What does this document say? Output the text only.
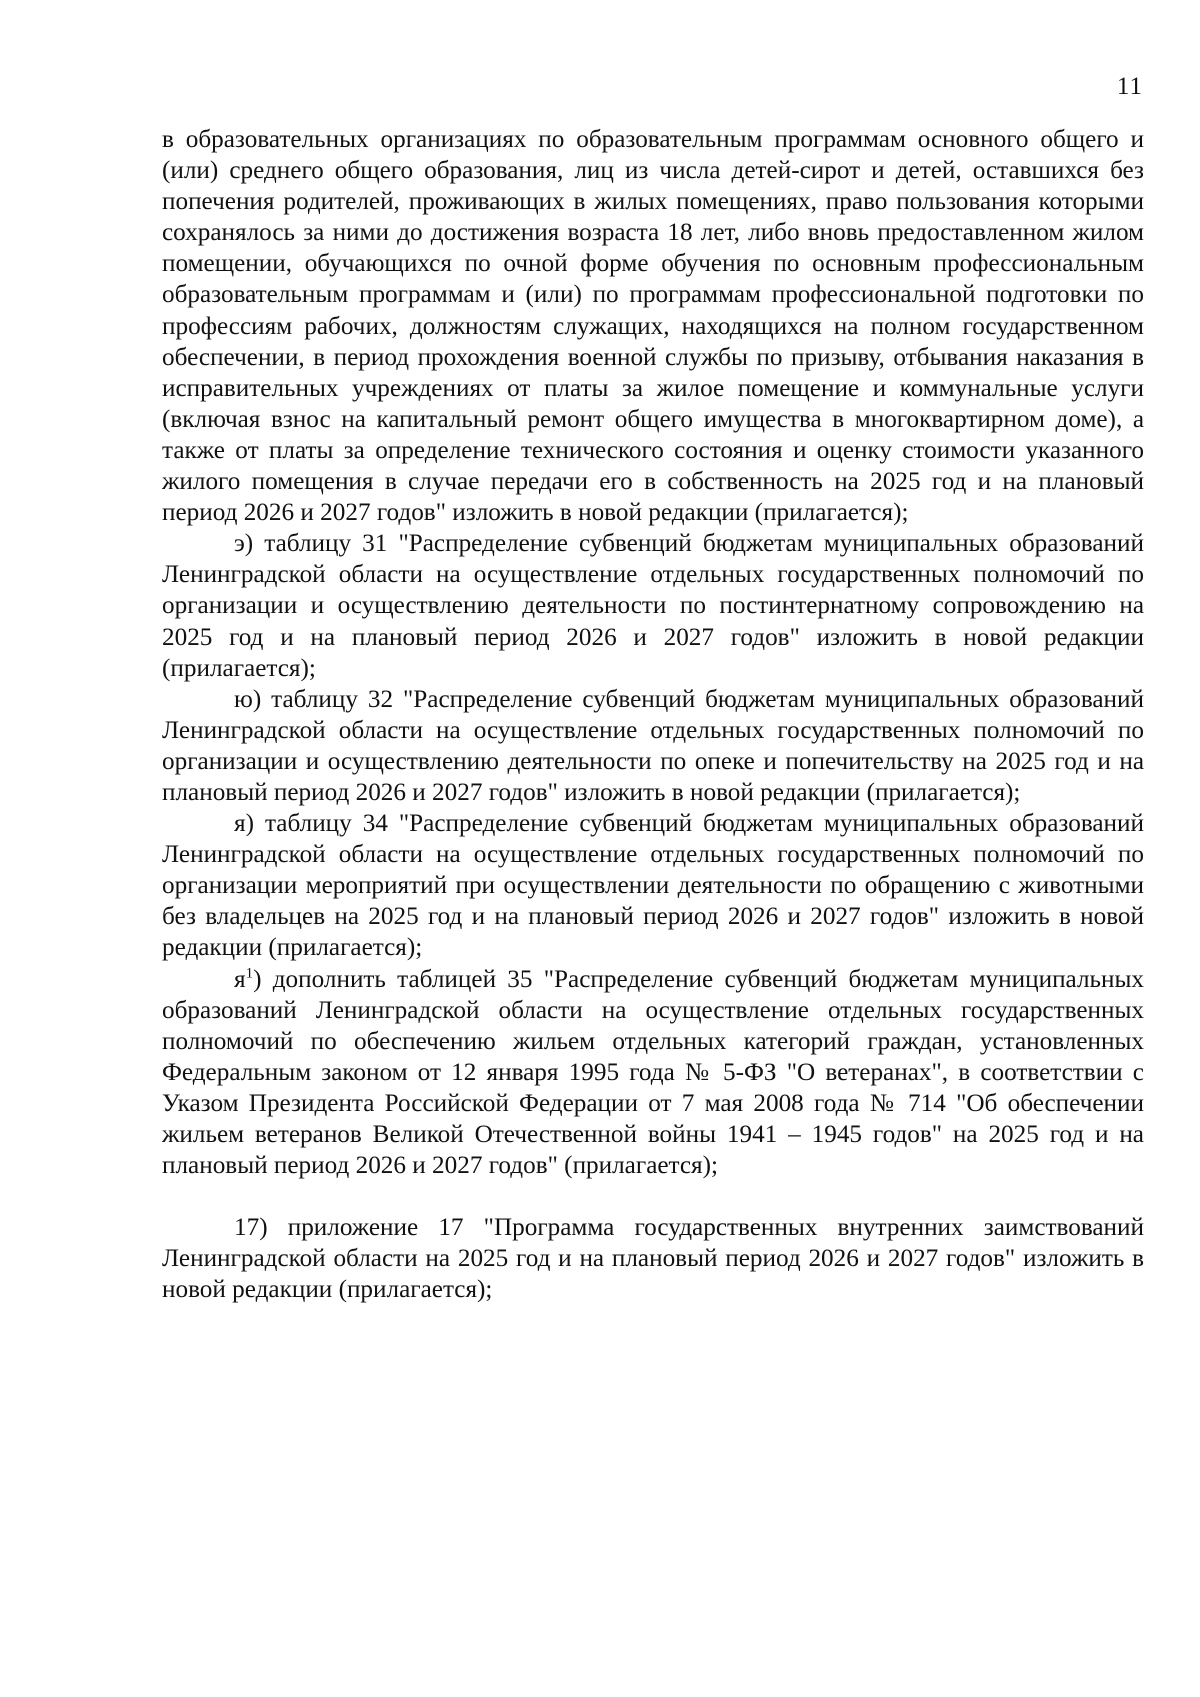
11

в образовательных организациях по образовательным программам основного общего и (или) среднего общего образования, лиц из числа детей-сирот и детей, оставшихся без попечения родителей, проживающих в жилых помещениях, право пользования которыми сохранялось за ними до достижения возраста 18 лет, либо вновь предоставленном жилом помещении, обучающихся по очной форме обучения по основным профессиональным образовательным программам и (или) по программам профессиональной подготовки по профессиям рабочих, должностям служащих, находящихся на полном государственном обеспечении, в период прохождения военной службы по призыву, отбывания наказания в исправительных учреждениях от платы за жилое помещение и коммунальные услуги (включая взнос на капитальный ремонт общего имущества в многоквартирном доме), а также от платы за определение технического состояния и оценку стоимости указанного жилого помещения в случае передачи его в собственность на 2025 год и на плановый период 2026 и 2027 годов" изложить в новой редакции (прилагается);

э) таблицу 31 "Распределение субвенций бюджетам муниципальных образований Ленинградской области на осуществление отдельных государственных полномочий по организации и осуществлению деятельности по постинтернатному сопровождению на 2025 год и на плановый период 2026 и 2027 годов" изложить в новой редакции (прилагается);

ю) таблицу 32 "Распределение субвенций бюджетам муниципальных образований Ленинградской области на осуществление отдельных государственных полномочий по организации и осуществлению деятельности по опеке и попечительству на 2025 год и на плановый период 2026 и 2027 годов" изложить в новой редакции (прилагается);

я) таблицу 34 "Распределение субвенций бюджетам муниципальных образований Ленинградской области на осуществление отдельных государственных полномочий по организации мероприятий при осуществлении деятельности по обращению с животными без владельцев на 2025 год и на плановый период 2026 и 2027 годов" изложить в новой редакции (прилагается);

$я^1$) дополнить таблицей 35 "Распределение субвенций бюджетам муниципальных образований Ленинградской области на осуществление отдельных государственных полномочий по обеспечению жильем отдельных категорий граждан, установленных Федеральным законом от 12 января 1995 года № 5-ФЗ "О ветеранах", в соответствии с Указом Президента Российской Федерации от 7 мая 2008 года № 714 "Об обеспечении жильем ветеранов Великой Отечественной войны 1941 – 1945 годов" на 2025 год и на плановый период 2026 и 2027 годов" (прилагается);

17) приложение 17 "Программа государственных внутренних заимствований Ленинградской области на 2025 год и на плановый период 2026 и 2027 годов" изложить в новой редакции (прилагается);
